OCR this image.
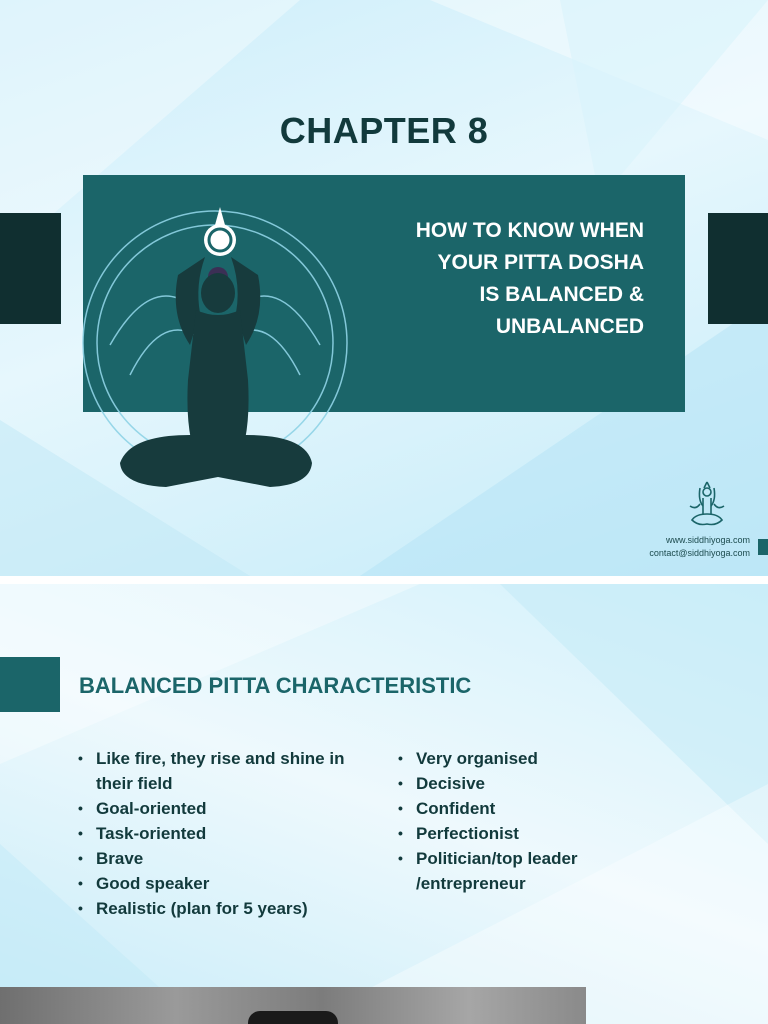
CHAPTER 8
HOW TO KNOW WHEN
YOUR PITTA DOSHA
IS BALANCED &
UNBALANCED
www.siddhiyoga.com
contact@siddhiyoga.com
BALANCED PITTA CHARACTERISTIC
• Like fire, they rise and shine in their field
• Goal-oriented
• Task-oriented
• Brave
• Good speaker
• Realistic (plan for 5 years)
• Very organised
• Decisive
• Confident
• Perfectionist
• Politician/top leader /entrepreneur
